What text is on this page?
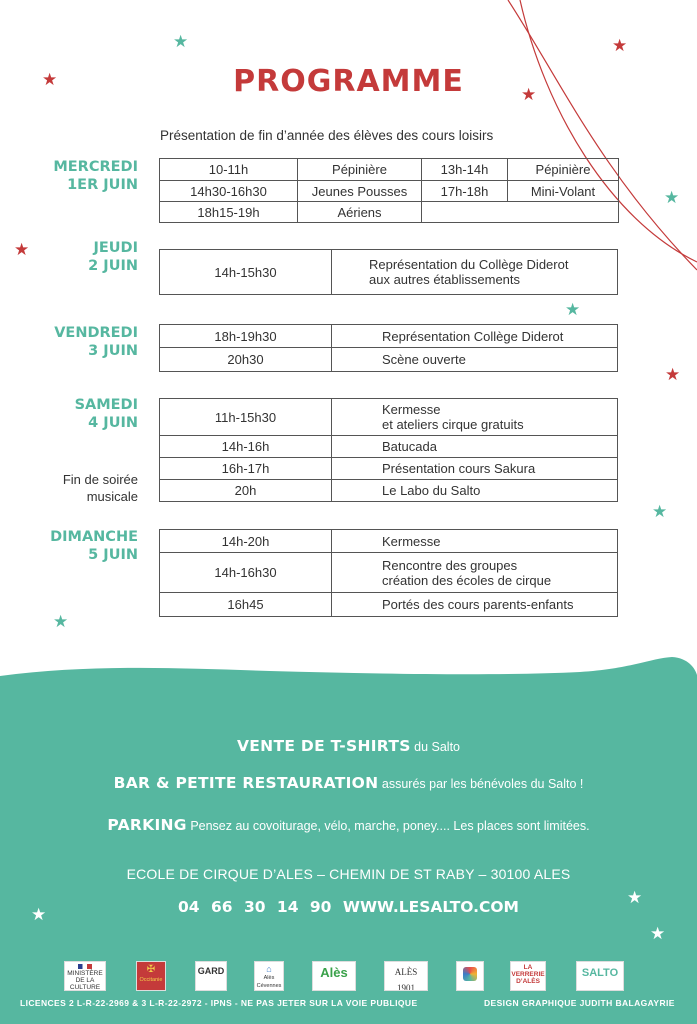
★
★
★
★
★
★
★
★
★
★
PROGRAMME
Présentation de fin d’année des élèves des cours loisirs
MERCREDI
1ER JUIN
10-11h	Pépinière	13h-14h	Pépinière
14h30-16h30	Jeunes Pousses	17h-18h	Mini-Volant
18h15-19h	Aériens		
JEUDI
2 JUIN	14h-15h30	Représentation du Collège Diderot
aux autres établissements
VENDREDI
3 JUIN
18h-19h30	Représentation Collège Diderot
20h30	Scène ouverte
SAMEDI
4 JUIN
Fin de soirée
musicale
11h-15h30	Kermesse
et ateliers cirque gratuits

14h-16h	Batucada
16h-17h	Présentation cours Sakura
20h	Le Labo du Salto
DIMANCHE
5 JUIN
14h-20h	Kermesse
14h-16h30	Rencontre des groupes
création des écoles de cirque

16h45	Portés des cours parents-enfants
★
★
★
VENTE DE T-SHIRTS du Salto
BAR & PETITE RESTAURATION assurés par les bénévoles du Salto !
PARKING Pensez au covoiturage, vélo, marche, poney.... Les places sont limitées.
ECOLE DE CIRQUE D’ALES – CHEMIN DE ST RABY – 30100 ALES
04 66 30 14 90 WWW.LESALTO.COM
MINISTÈRE DE LA CULTURE
✠
Occitanie
GARD	⌂
Alès Cévennes
Alès	ALÈS 1901
LA
VERRERIE
D’ALÈS
SALTO
LICENCES 2 L-R-22-2969 & 3 L-R-22-2972 - IPNS - NE PAS JETER SUR LA VOIE PUBLIQUE	DESIGN GRAPHIQUE JUDITH BALAGAYRIE
